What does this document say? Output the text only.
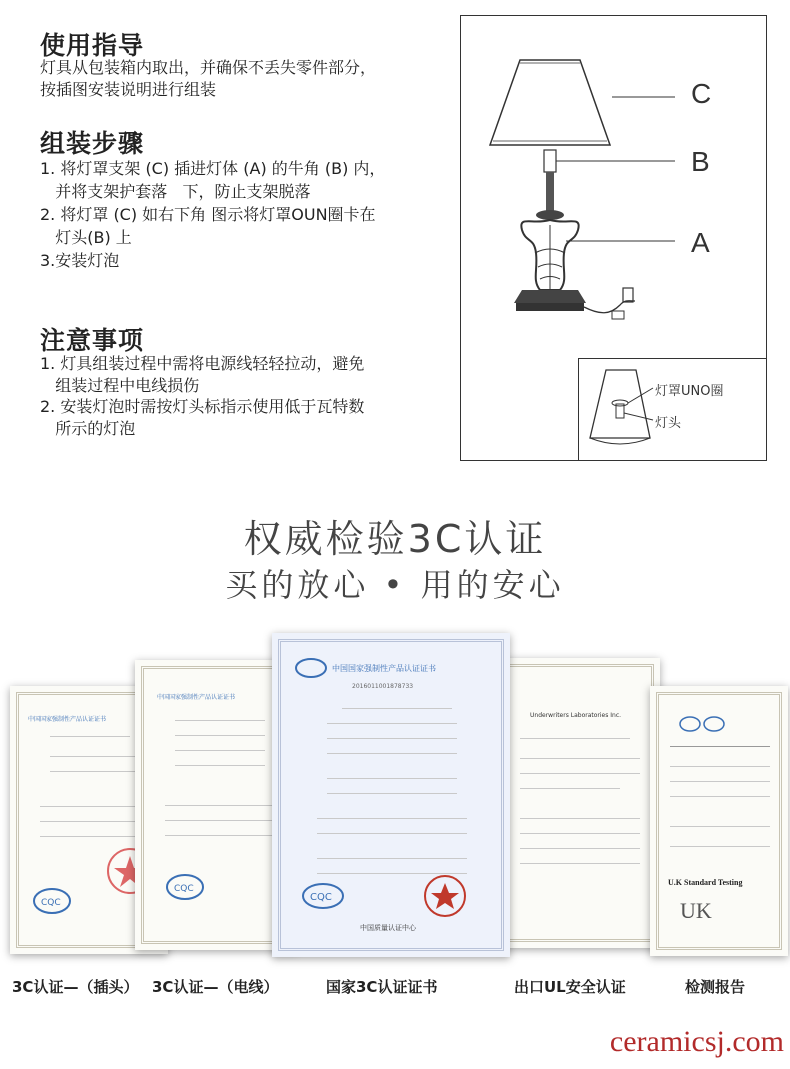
使用指导
灯具从包装箱内取出，并确保不丢失零件部分，
按插图安装说明进行组装
组装步骤
1. 将灯罩支架 (C) 插进灯体 (A) 的牛角 (B) 内，
并将支架护套落   下，防止支架脱落
2. 将灯罩 (C) 如右下角 图示将灯罩OUN圈卡在
灯头(B) 上
3.安装灯泡
注意事项
1. 灯具组装过程中需将电源线轻轻拉动，避免
组装过程中电线损伤
2. 安装灯泡时需按灯头标指示使用低于瓦特数
所示的灯泡
C
B
A
灯罩UNO圈
灯头
权威检验3C认证
买的放心 • 用的安心
中国国家强制性产品认证证书
CQC
中国国家强制性产品认证证书
CQC
Underwriters Laboratories Inc.
U.K Standard Testing
UK
中国国家强制性产品认证证书
2016011001878733
CQC
中国质量认证中心
3C认证—（插头） 3C认证—（电线）	国家3C认证证书	出口UL安全认证	检测报告
ceramicsj.com
